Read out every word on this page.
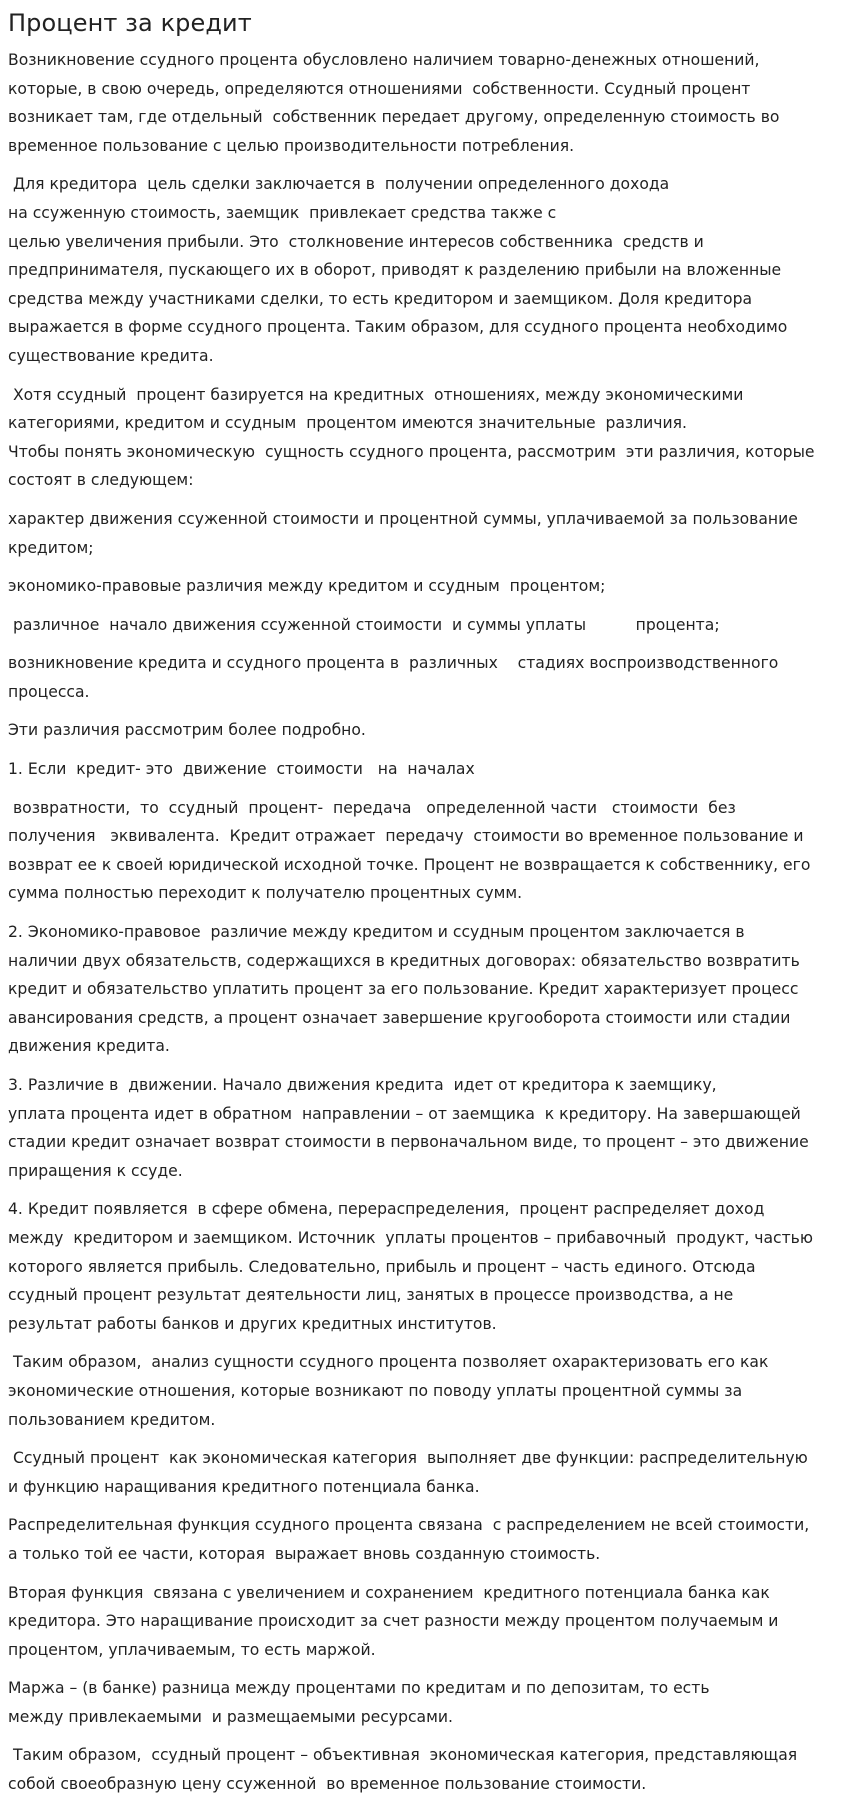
Процент за кредит

Возникновение ссудного процента обусловлено наличием товарно-денежных отношений,
которые, в свою очередь, определяются отношениями  собственности. Ссудный процент
возникает там, где отдельный  собственник передает другому, определенную стоимость во
временное пользование с целью производительности потребления.

Для кредитора  цель сделки заключается в  получении определенного дохода
на ссуженную стоимость, заемщик  привлекает средства также с
целью увеличения прибыли. Это  столкновение интересов собственника  средств и
предпринимателя, пускающего их в оборот, приводят к разделению прибыли на вложенные
средства между участниками сделки, то есть кредитором и заемщиком. Доля кредитора
выражается в форме ссудного процента. Таким образом, для ссудного процента необходимо
существование кредита.

Хотя ссудный  процент базируется на кредитных  отношениях, между экономическими
категориями, кредитом и ссудным  процентом имеются значительные  различия.
Чтобы понять экономическую  сущность ссудного процента, рассмотрим  эти различия, которые
состоят в следующем:

характер движения ссуженной стоимости и процентной суммы, уплачиваемой за пользование
кредитом;

экономико-правовые различия между кредитом и ссудным  процентом;

различное  начало движения ссуженной стоимости  и суммы уплаты          процента;

возникновение кредита и ссудного процента в  различных    стадиях воспроизводственного
процесса.

Эти различия рассмотрим более подробно.

1. Если  кредит- это  движение  стоимости   на  началах

возвратности,  то  ссудный  процент-  передача   определенной части   стоимости  без
получения   эквивалента.  Кредит отражает  передачу  стоимости во временное пользование и
возврат ее к своей юридической исходной точке. Процент не возвращается к собственнику, его
сумма полностью переходит к получателю процентных сумм.

2. Экономико-правовое  различие между кредитом и ссудным процентом заключается в
наличии двух обязательств, содержащихся в кредитных договорах: обязательство возвратить
кредит и обязательство уплатить процент за его пользование. Кредит характеризует процесс
авансирования средств, а процент означает завершение кругооборота стоимости или стадии
движения кредита.

3. Различие в  движении. Начало движения кредита  идет от кредитора к заемщику,
уплата процента идет в обратном  направлении – от заемщика  к кредитору. На завершающей
стадии кредит означает возврат стоимости в первоначальном виде, то процент – это движение
приращения к ссуде.

4. Кредит появляется  в сфере обмена, перераспределения,  процент распределяет доход
между  кредитором и заемщиком. Источник  уплаты процентов – прибавочный  продукт, частью
которого является прибыль. Следовательно, прибыль и процент – часть единого. Отсюда
ссудный процент результат деятельности лиц, занятых в процессе производства, а не
результат работы банков и других кредитных институтов.

Таким образом,  анализ сущности ссудного процента позволяет охарактеризовать его как
экономические отношения, которые возникают по поводу уплаты процентной суммы за
пользованием кредитом.

Ссудный процент  как экономическая категория  выполняет две функции: распределительную
и функцию наращивания кредитного потенциала банка.

Распределительная функция ссудного процента связана  с распределением не всей стоимости,
а только той ее части, которая  выражает вновь созданную стоимость.

Вторая функция  связана с увеличением и сохранением  кредитного потенциала банка как
кредитора. Это наращивание происходит за счет разности между процентом получаемым и
процентом, уплачиваемым, то есть маржой.

Маржа – (в банке) разница между процентами по кредитам и по депозитам, то есть
между привлекаемыми  и размещаемыми ресурсами.

Таким образом,  ссудный процент – объективная  экономическая категория, представляющая
собой своеобразную цену ссуженной  во временное пользование стоимости.
